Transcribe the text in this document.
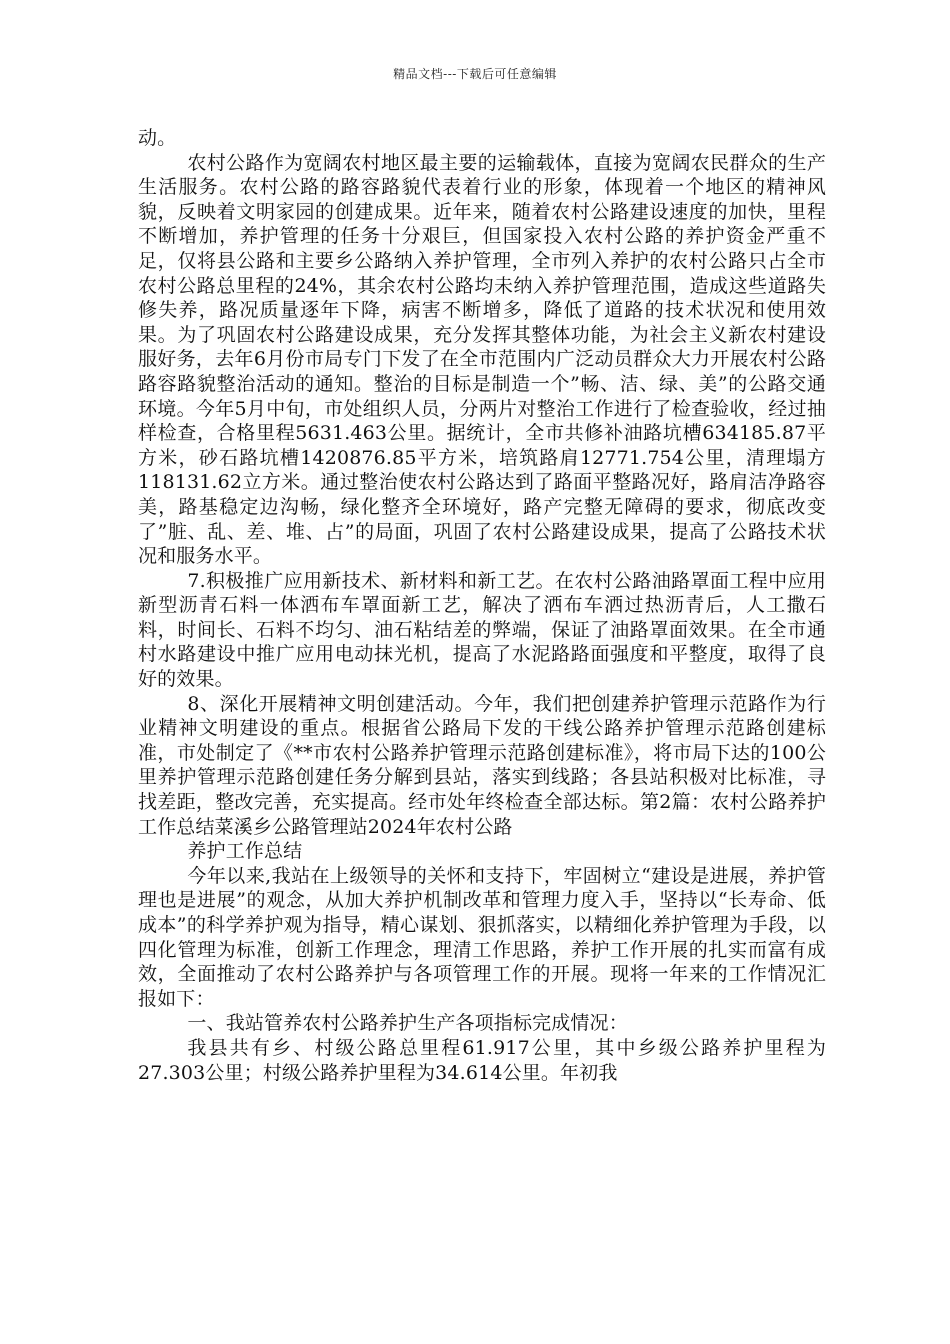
精品文档---下载后可任意编辑

动。

农村公路作为宽阔农村地区最主要的运输载体，直接为宽阔农民群众的生产生活服务。农村公路的路容路貌代表着行业的形象，体现着一个地区的精神风貌，反映着文明家园的创建成果。近年来，随着农村公路建设速度的加快，里程不断增加，养护管理的任务十分艰巨，但国家投入农村公路的养护资金严重不足，仅将县公路和主要乡公路纳入养护管理，全市列入养护的农村公路只占全市农村公路总里程的24%，其余农村公路均未纳入养护管理范围，造成这些道路失修失养，路况质量逐年下降，病害不断增多，降低了道路的技术状况和使用效果。为了巩固农村公路建设成果，充分发挥其整体功能，为社会主义新农村建设服好务，去年6月份市局专门下发了在全市范围内广泛动员群众大力开展农村公路路容路貌整治活动的通知。整治的目标是制造一个”畅、洁、绿、美”的公路交通环境。今年5月中旬，市处组织人员，分两片对整治工作进行了检查验收，经过抽样检查，合格里程5631.463公里。据统计，全市共修补油路坑槽634185.87平方米，砂石路坑槽1420876.85平方米，培筑路肩12771.754公里，清理塌方118131.62立方米。通过整治使农村公路达到了路面平整路况好，路肩洁净路容美，路基稳定边沟畅，绿化整齐全环境好，路产完整无障碍的要求，彻底改变了”脏、乱、差、堆、占”的局面，巩固了农村公路建设成果，提高了公路技术状况和服务水平。

7.积极推广应用新技术、新材料和新工艺。在农村公路油路罩面工程中应用新型沥青石料一体洒布车罩面新工艺，解决了洒布车洒过热沥青后，人工撒石料，时间长、石料不均匀、油石粘结差的弊端，保证了油路罩面效果。在全市通村水路建设中推广应用电动抹光机，提高了水泥路路面强度和平整度，取得了良好的效果。

8、深化开展精神文明创建活动。今年，我们把创建养护管理示范路作为行业精神文明建设的重点。根据省公路局下发的干线公路养护管理示范路创建标准，市处制定了《**市农村公路养护管理示范路创建标准》，将市局下达的100公里养护管理示范路创建任务分解到县站，落实到线路；各县站积极对比标准，寻找差距，整改完善，充实提高。经市处年终检查全部达标。第2篇：农村公路养护工作总结菜溪乡公路管理站2024年农村公路

养护工作总结

今年以来,我站在上级领导的关怀和支持下，牢固树立“建设是进展，养护管理也是进展”的观念，从加大养护机制改革和管理力度入手，坚持以“长寿命、低成本”的科学养护观为指导，精心谋划、狠抓落实，以精细化养护管理为手段，以四化管理为标准，创新工作理念，理清工作思路，养护工作开展的扎实而富有成效，全面推动了农村公路养护与各项管理工作的开展。现将一年来的工作情况汇报如下：

一、我站管养农村公路养护生产各项指标完成情况：

我县共有乡、村级公路总里程61.917公里，其中乡级公路养护里程为27.303公里；村级公路养护里程为34.614公里。年初我
